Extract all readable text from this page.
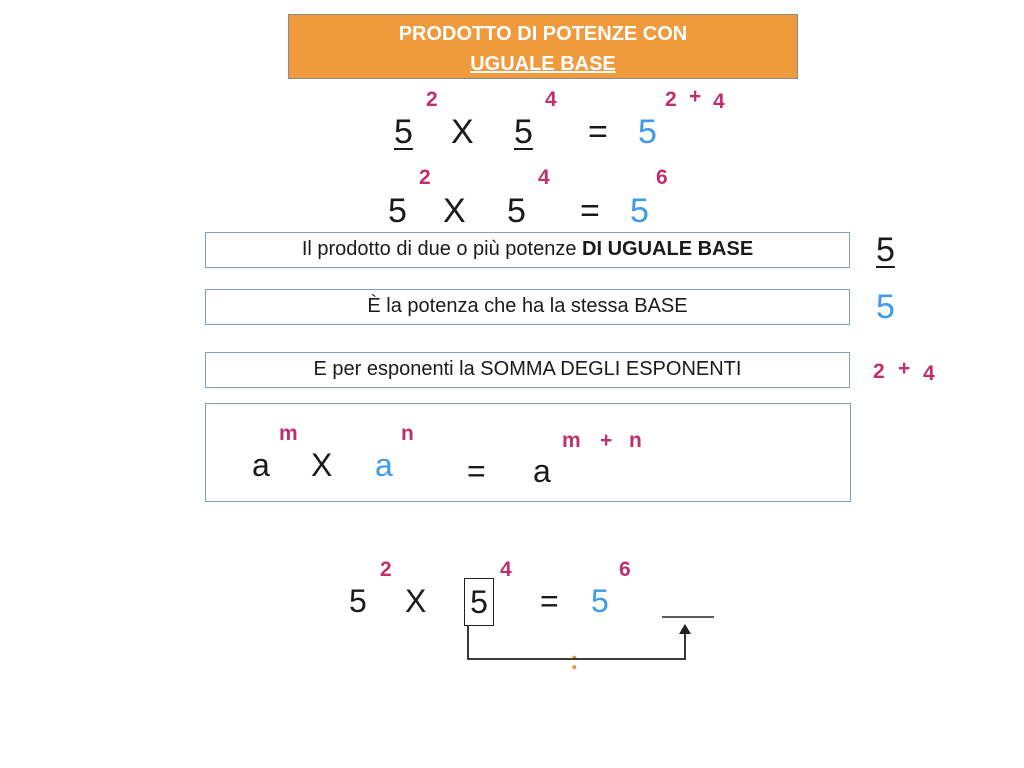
PRODOTTO DI POTENZE CON
UGUALE BASE
2
5 X
4
5 = 5
2 + 4
2
5 X
4
5 = 5
6
Il prodotto di due o più potenze DI UGUALE BASE	5
È la potenza che ha la stessa BASE	5
E per esponenti la SOMMA DEGLI ESPONENTI	2 + 4
m
a X
n
a = a
m + n
2
5 X
4
5 = 5
6
:
